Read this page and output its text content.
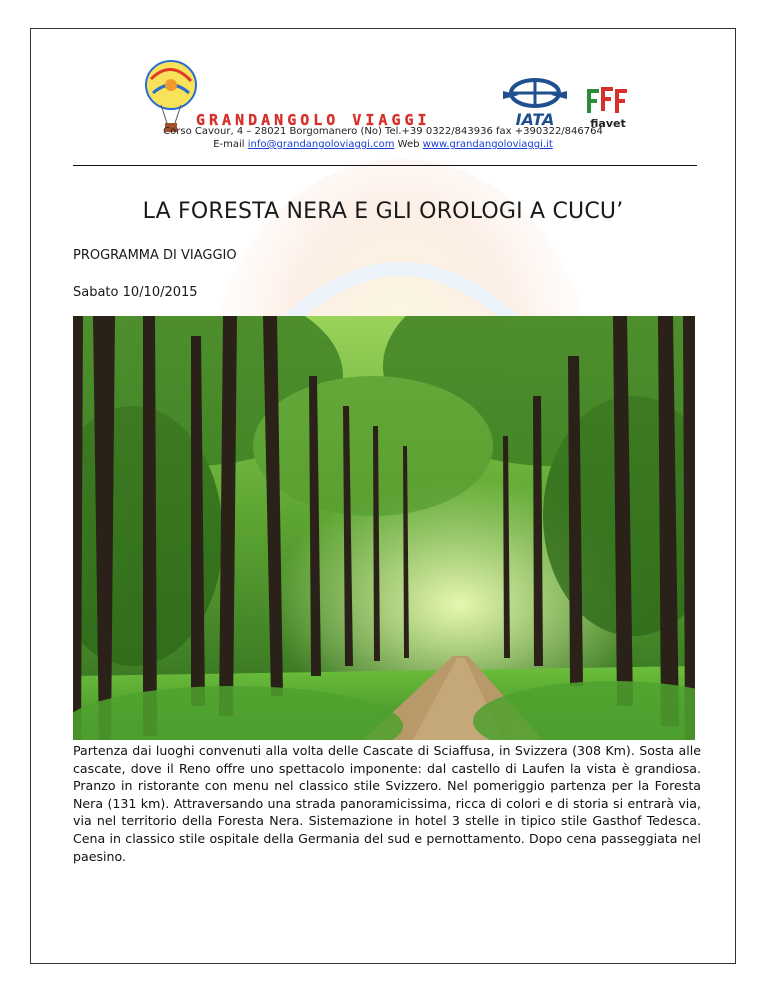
GRANDANGOLO VIAGGI	IATA	fiavet
Corso Cavour, 4 – 28021 Borgomanero (No) Tel.+39 0322/843936 fax +390322/846764
E-mail info@grandangoloviaggi.com Web www.grandangoloviaggi.it
LA FORESTA NERA E GLI OROLOGI A CUCU’
PROGRAMMA DI VIAGGIO
Sabato 10/10/2015
Partenza dai luoghi convenuti alla volta delle Cascate di Sciaffusa, in Svizzera (308 Km). Sosta alle cascate, dove il Reno offre uno spettacolo imponente: dal castello di Laufen la vista è grandiosa. Pranzo in ristorante con menu nel classico stile Svizzero. Nel pomeriggio partenza per la Foresta Nera (131 km). Attraversando una strada panoramicissima, ricca di colori e di storia si entrarà via, via nel territorio della Foresta Nera. Sistemazione in hotel 3 stelle in tipico stile Gasthof Tedesca. Cena in classico stile ospitale della Germania del sud e pernottamento. Dopo cena passeggiata nel paesino.
